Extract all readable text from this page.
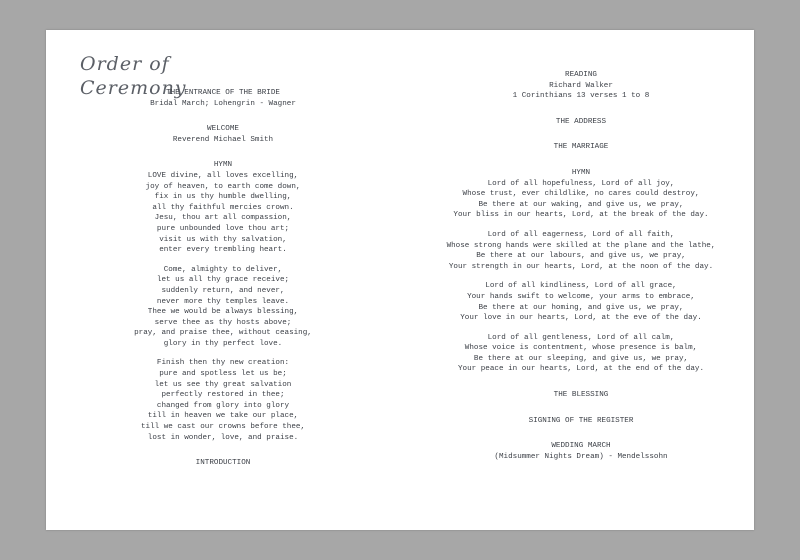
Order of Ceremony
THE ENTRANCE OF THE BRIDE
Bridal March; Lohengrin - Wagner
WELCOME
Reverend Michael Smith
HYMN
LOVE divine, all loves excelling,
joy of heaven, to earth come down,
fix in us thy humble dwelling,
all thy faithful mercies crown.
Jesu, thou art all compassion,
pure unbounded love thou art;
visit us with thy salvation,
enter every trembling heart.
Come, almighty to deliver,
let us all thy grace receive;
suddenly return, and never,
never more thy temples leave.
Thee we would be always blessing,
serve thee as thy hosts above;
pray, and praise thee, without ceasing,
glory in thy perfect love.
Finish then thy new creation:
pure and spotless let us be;
let us see thy great salvation
perfectly restored in thee;
changed from glory into glory
till in heaven we take our place,
till we cast our crowns before thee,
lost in wonder, love, and praise.
INTRODUCTION
READING
Richard Walker
1 Corinthians 13 verses 1 to 8
THE ADDRESS
THE MARRIAGE
HYMN
Lord of all hopefulness, Lord of all joy,
Whose trust, ever childlike, no cares could destroy,
Be there at our waking, and give us, we pray,
Your bliss in our hearts, Lord, at the break of the day.
Lord of all eagerness, Lord of all faith,
Whose strong hands were skilled at the plane and the lathe,
Be there at our labours, and give us, we pray,
Your strength in our hearts, Lord, at the noon of the day.
Lord of all kindliness, Lord of all grace,
Your hands swift to welcome, your arms to embrace,
Be there at our homing, and give us, we pray,
Your love in our hearts, Lord, at the eve of the day.
Lord of all gentleness, Lord of all calm,
Whose voice is contentment, whose presence is balm,
Be there at our sleeping, and give us, we pray,
Your peace in our hearts, Lord, at the end of the day.
THE BLESSING
SIGNING OF THE REGISTER
WEDDING MARCH
(Midsummer Nights Dream) - Mendelssohn
